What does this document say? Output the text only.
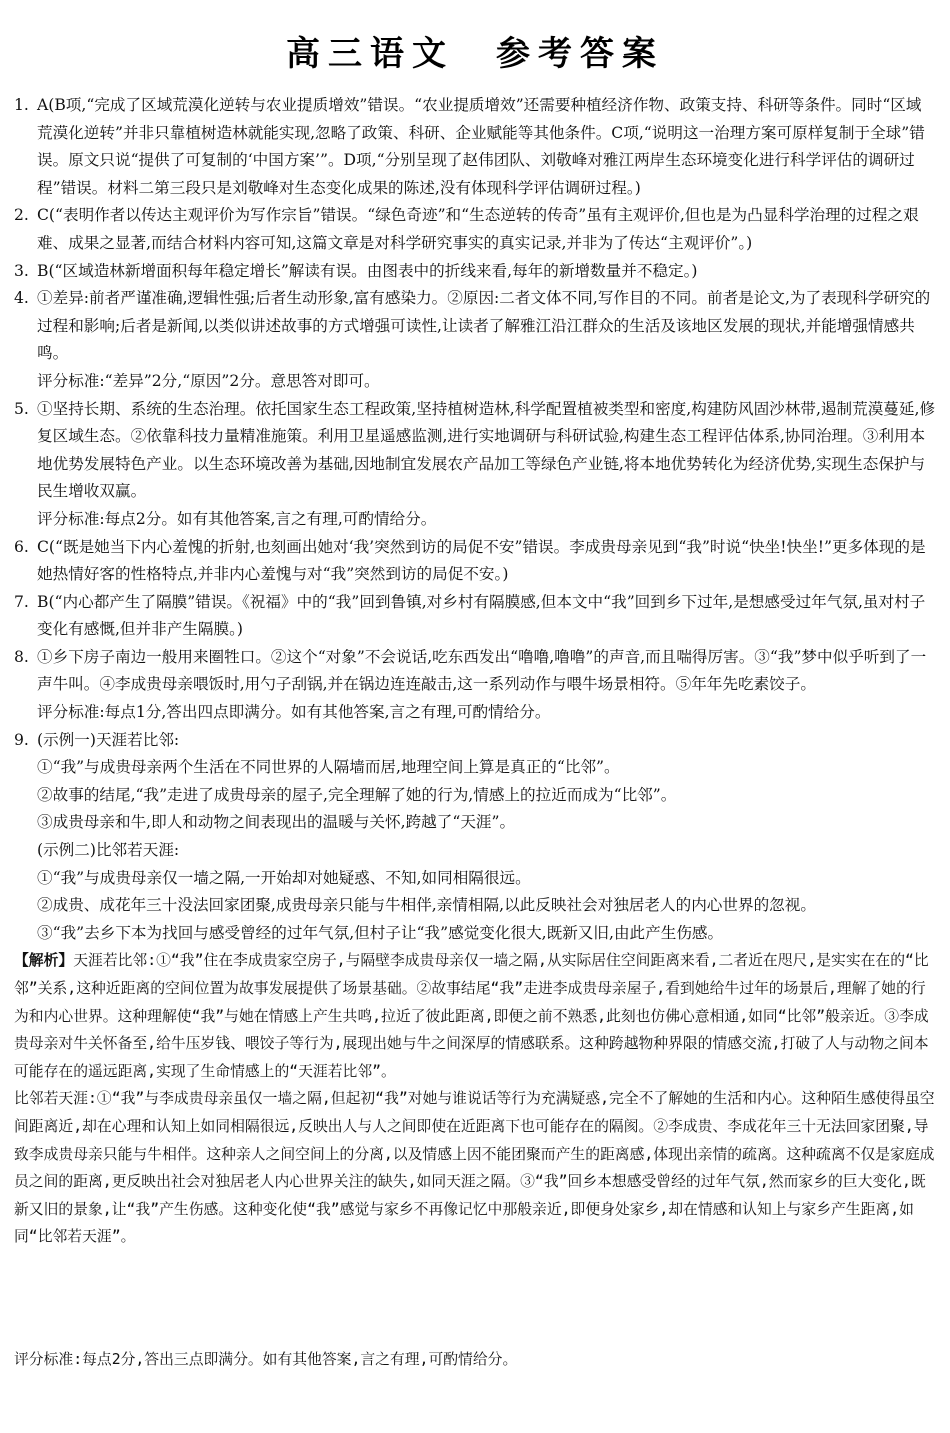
高三语文　参考答案
1. A(B项,“完成了区域荒漠化逆转与农业提质增效”错误。“农业提质增效”还需要种植经济作物、政策支持、科研等条件。同时“区域荒漠化逆转”并非只靠植树造林就能实现,忽略了政策、科研、企业赋能等其他条件。C项,“说明这一治理方案可原样复制于全球”错误。原文只说“提供了可复制的‘中国方案’”。D项,“分别呈现了赵伟团队、刘敬峰对雅江两岸生态环境变化进行科学评估的调研过程”错误。材料二第三段只是刘敬峰对生态变化成果的陈述,没有体现科学评估调研过程。)
2. C(“表明作者以传达主观评价为写作宗旨”错误。“绿色奇迹”和“生态逆转的传奇”虽有主观评价,但也是为凸显科学治理的过程之艰难、成果之显著,而结合材料内容可知,这篇文章是对科学研究事实的真实记录,并非为了传达“主观评价”。)
3. B(“区域造林新增面积每年稳定增长”解读有误。由图表中的折线来看,每年的新增数量并不稳定。)
4. ①差异:前者严谨准确,逻辑性强;后者生动形象,富有感染力。②原因:二者文体不同,写作目的不同。前者是论文,为了表现科学研究的过程和影响;后者是新闻,以类似讲述故事的方式增强可读性,让读者了解雅江沿江群众的生活及该地区发展的现状,并能增强情感共鸣。
评分标准:“差异”2分,“原因”2分。意思答对即可。
5. ①坚持长期、系统的生态治理。依托国家生态工程政策,坚持植树造林,科学配置植被类型和密度,构建防风固沙林带,遏制荒漠蔓延,修复区域生态。②依靠科技力量精准施策。利用卫星遥感监测,进行实地调研与科研试验,构建生态工程评估体系,协同治理。③利用本地优势发展特色产业。以生态环境改善为基础,因地制宜发展农产品加工等绿色产业链,将本地优势转化为经济优势,实现生态保护与民生增收双赢。
评分标准:每点2分。如有其他答案,言之有理,可酌情给分。
6. C(“既是她当下内心羞愧的折射,也刻画出她对‘我’突然到访的局促不安”错误。李成贵母亲见到“我”时说“快坐!快坐!”更多体现的是她热情好客的性格特点,并非内心羞愧与对“我”突然到访的局促不安。)
7. B(“内心都产生了隔膜”错误。《祝福》中的“我”回到鲁镇,对乡村有隔膜感,但本文中“我”回到乡下过年,是想感受过年气氛,虽对村子变化有感慨,但并非产生隔膜。)
8. ①乡下房子南边一般用来圈牲口。②这个“对象”不会说话,吃东西发出“噜噜,噜噜”的声音,而且喘得厉害。③“我”梦中似乎听到了一声牛叫。④李成贵母亲喂饭时,用勺子刮锅,并在锅边连连敲击,这一系列动作与喂牛场景相符。⑤年年先吃素饺子。
评分标准:每点1分,答出四点即满分。如有其他答案,言之有理,可酌情给分。
9. (示例一)天涯若比邻:
①“我”与成贵母亲两个生活在不同世界的人隔墙而居,地理空间上算是真正的“比邻”。
②故事的结尾,“我”走进了成贵母亲的屋子,完全理解了她的行为,情感上的拉近而成为“比邻”。
③成贵母亲和牛,即人和动物之间表现出的温暖与关怀,跨越了“天涯”。
(示例二)比邻若天涯:
①“我”与成贵母亲仅一墙之隔,一开始却对她疑惑、不知,如同相隔很远。
②成贵、成花年三十没法回家团聚,成贵母亲只能与牛相伴,亲情相隔,以此反映社会对独居老人的内心世界的忽视。
③“我”去乡下本为找回与感受曾经的过年气氛,但村子让“我”感觉变化很大,既新又旧,由此产生伤感。
【解析】天涯若比邻:①“我”住在李成贵家空房子,与隔壁李成贵母亲仅一墙之隔,从实际居住空间距离来看,二者近在咫尺,是实实在在的“比邻”关系,这种近距离的空间位置为故事发展提供了场景基础。②故事结尾“我”走进李成贵母亲屋子,看到她给牛过年的场景后,理解了她的行为和内心世界。这种理解使“我”与她在情感上产生共鸣,拉近了彼此距离,即便之前不熟悉,此刻也仿佛心意相通,如同“比邻”般亲近。③李成贵母亲对牛关怀备至,给牛压岁钱、喂饺子等行为,展现出她与牛之间深厚的情感联系。这种跨越物种界限的情感交流,打破了人与动物之间本可能存在的遥远距离,实现了生命情感上的“天涯若比邻”。
比邻若天涯:①“我”与李成贵母亲虽仅一墙之隔,但起初“我”对她与谁说话等行为充满疑惑,完全不了解她的生活和内心。这种陌生感使得虽空间距离近,却在心理和认知上如同相隔很远,反映出人与人之间即使在近距离下也可能存在的隔阂。②李成贵、李成花年三十无法回家团聚,导致李成贵母亲只能与牛相伴。这种亲人之间空间上的分离,以及情感上因不能团聚而产生的距离感,体现出亲情的疏离。这种疏离不仅是家庭成员之间的距离,更反映出社会对独居老人内心世界关注的缺失,如同天涯之隔。③“我”回乡本想感受曾经的过年气氛,然而家乡的巨大变化,既新又旧的景象,让“我”产生伤感。这种变化使“我”感觉与家乡不再像记忆中那般亲近,即便身处家乡,却在情感和认知上与家乡产生距离,如同“比邻若天涯”。
评分标准:每点2分,答出三点即满分。如有其他答案,言之有理,可酌情给分。
